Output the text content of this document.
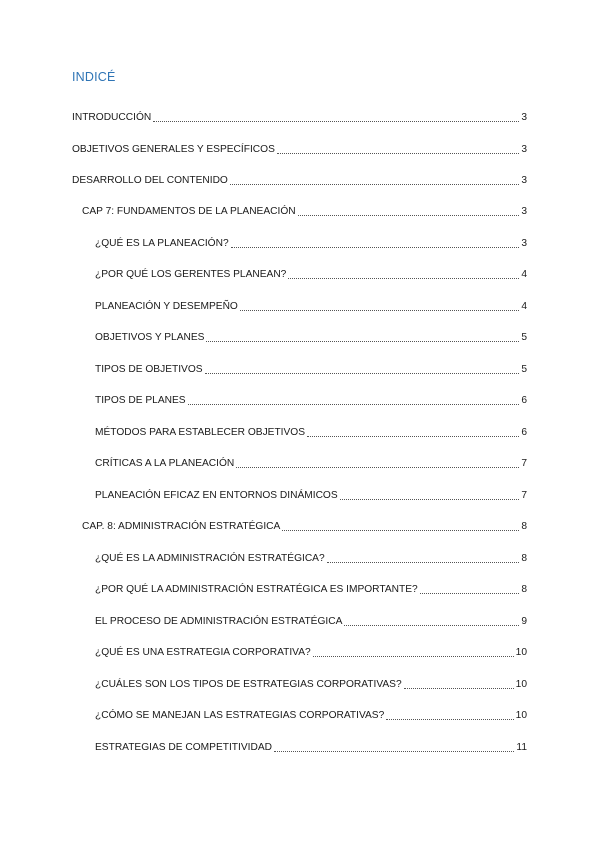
INDICÉ
INTRODUCCIÓN	3
OBJETIVOS GENERALES Y ESPECÍFICOS	3
DESARROLLO DEL CONTENIDO	3
CAP 7: FUNDAMENTOS DE LA PLANEACIÓN	3
¿QUÉ ES LA PLANEACIÓN?	3
¿POR QUÉ LOS GERENTES PLANEAN?	4
PLANEACIÓN Y DESEMPEÑO	4
OBJETIVOS Y PLANES	5
TIPOS DE OBJETIVOS	5
TIPOS DE PLANES	6
MÉTODOS PARA ESTABLECER OBJETIVOS	6
CRÍTICAS A LA PLANEACIÓN	7
PLANEACIÓN EFICAZ EN ENTORNOS DINÁMICOS	7
CAP. 8: ADMINISTRACIÓN ESTRATÉGICA	8
¿QUÉ ES LA ADMINISTRACIÓN ESTRATÉGICA?	8
¿POR QUÉ LA ADMINISTRACIÓN ESTRATÉGICA ES IMPORTANTE?	8
EL PROCESO DE ADMINISTRACIÓN ESTRATÉGICA	9
¿QUÉ ES UNA ESTRATEGIA CORPORATIVA?	10
¿CUÁLES SON LOS TIPOS DE ESTRATEGIAS CORPORATIVAS?	10
¿CÓMO SE MANEJAN LAS ESTRATEGIAS CORPORATIVAS?	10
ESTRATEGIAS DE COMPETITIVIDAD	11
